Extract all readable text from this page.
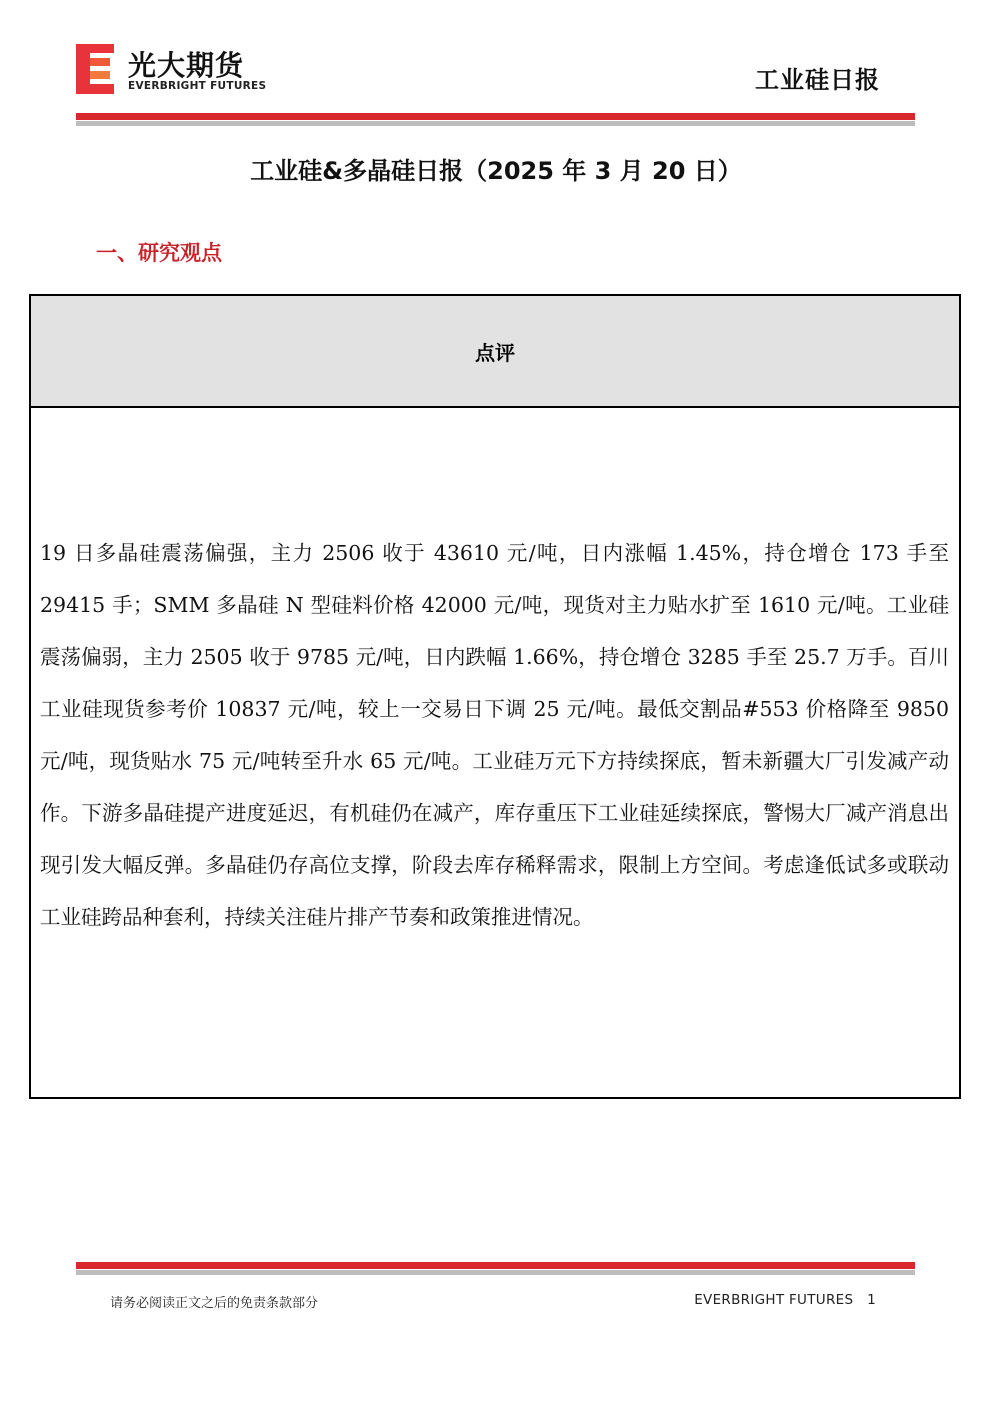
光大期货
EVERBRIGHT FUTURES	工业硅日报
工业硅&多晶硅日报（2025 年 3 月 20 日）
一、研究观点
点评
19 日多晶硅震荡偏强，主力 2506 收于 43610 元/吨，日内涨幅 1.45%，持仓增仓 173 手至 29415 手；SMM 多晶硅 N 型硅料价格 42000 元/吨，现货对主力贴水扩至 1610 元/吨。工业硅震荡偏弱，主力 2505 收于 9785 元/吨，日内跌幅 1.66%，持仓增仓 3285 手至 25.7 万手。百川工业硅现货参考价 10837 元/吨，较上一交易日下调 25 元/吨。最低交割品#553 价格降至 9850 元/吨，现货贴水 75 元/吨转至升水 65 元/吨。工业硅万元下方持续探底，暂未新疆大厂引发减产动作。下游多晶硅提产进度延迟，有机硅仍在减产，库存重压下工业硅延续探底，警惕大厂减产消息出现引发大幅反弹。多晶硅仍存高位支撑，阶段去库存稀释需求，限制上方空间。考虑逢低试多或联动工业硅跨品种套利，持续关注硅片排产节奏和政策推进情况。
请务必阅读正文之后的免责条款部分	EVERBRIGHT FUTURES 1
